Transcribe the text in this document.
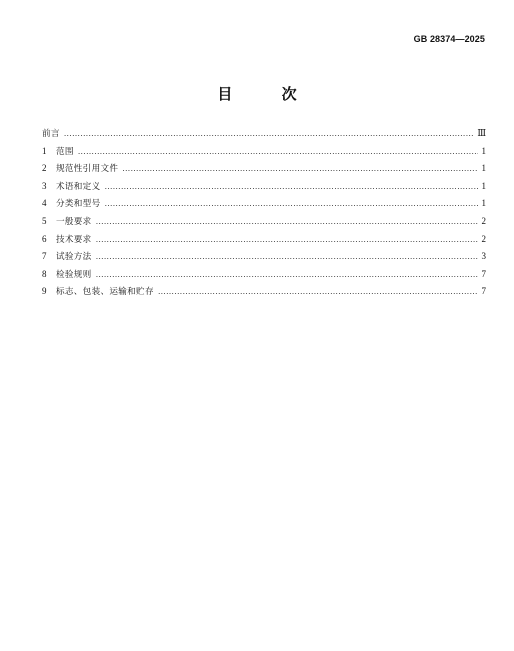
GB 28374—2025
目 次
前言 ……………………………………………………………………………………………………………………………………………………………………………………………………	Ⅲ
1	范围 ……………………………………………………………………………………………………………………………………………………………………………………………………	1
2	规范性引用文件 ……………………………………………………………………………………………………………………………………………………………………………………………………	1
3	术语和定义 ……………………………………………………………………………………………………………………………………………………………………………………………………	1
4	分类和型号 ……………………………………………………………………………………………………………………………………………………………………………………………………	1
5	一般要求 ……………………………………………………………………………………………………………………………………………………………………………………………………	2
6	技术要求 ……………………………………………………………………………………………………………………………………………………………………………………………………	2
7	试验方法 ……………………………………………………………………………………………………………………………………………………………………………………………………	3
8	检验规则 ……………………………………………………………………………………………………………………………………………………………………………………………………	7
9	标志、包装、运输和贮存 ……………………………………………………………………………………………………………………………………………………………………………………………………	7
